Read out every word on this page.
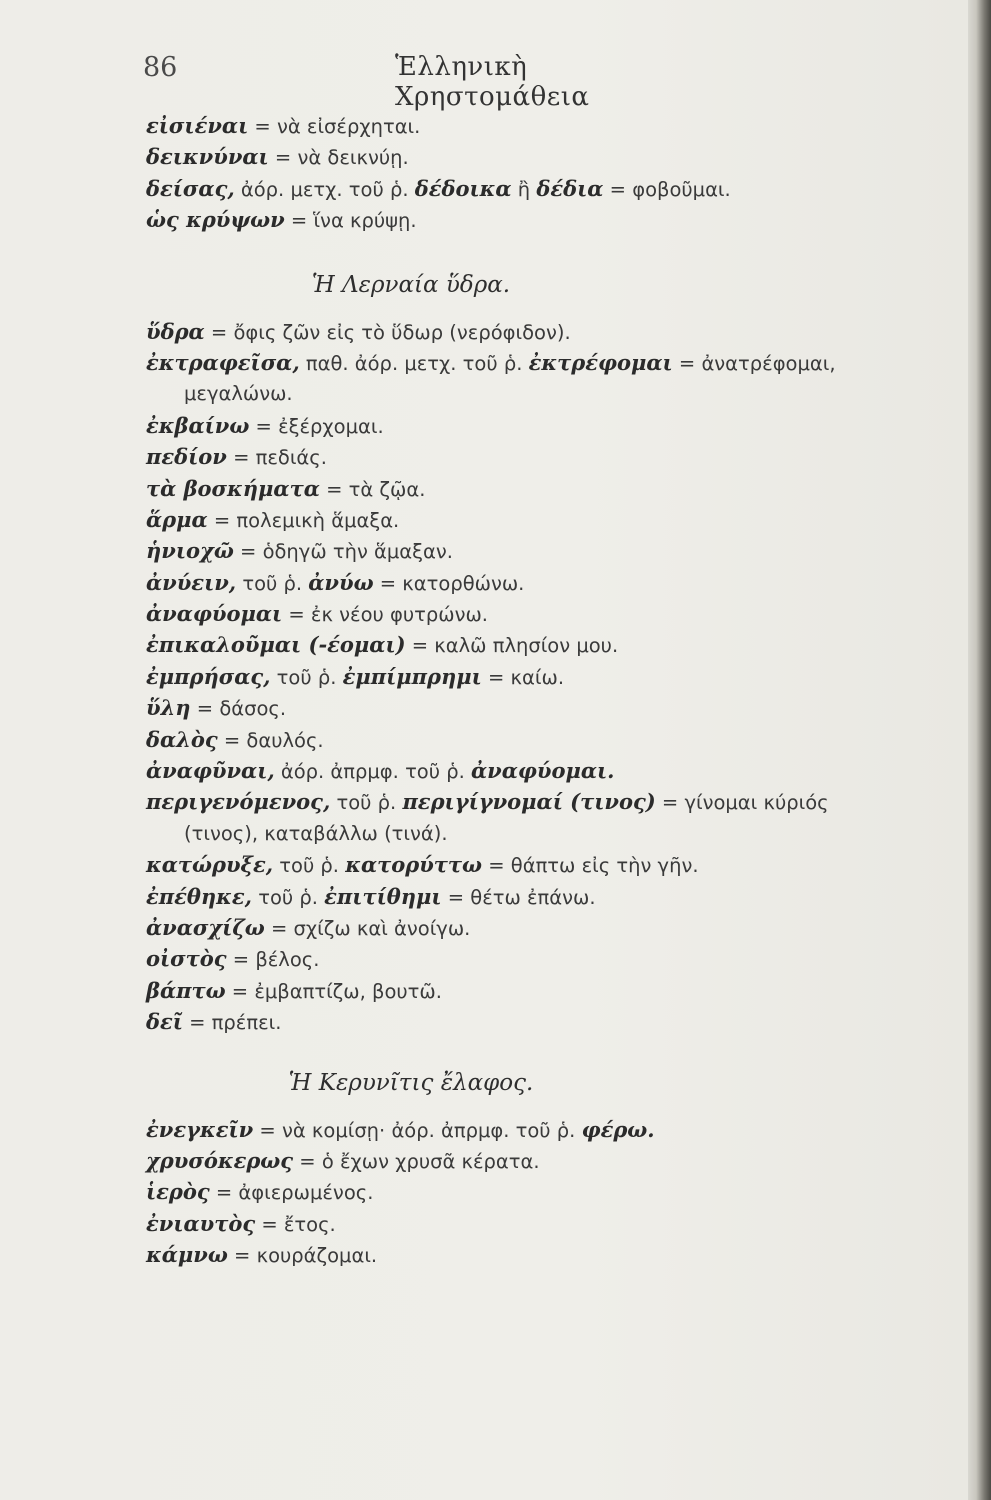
86	Ἑλληνικὴ Χρηστομάθεια
εἰσιέναι = νὰ εἰσέρχηται.
δεικνύναι = νὰ δεικνύῃ.
δείσας, ἀόρ. μετχ. τοῦ ῥ. δέδοικα ἢ δέδια = φοβοῦμαι.
ὡς κρύψων = ἵνα κρύψῃ.
Ἡ Λερναία ὕδρα.
ὕδρα = ὄφις ζῶν εἰς τὸ ὕδωρ (νερόφιδον).
ἐκτραφεῖσα, παθ. ἀόρ. μετχ. τοῦ ῥ. ἐκτρέφομαι = ἀνατρέφομαι,
μεγαλώνω.
ἐκβαίνω = ἐξέρχομαι.
πεδίον = πεδιάς.
τὰ βοσκήματα = τὰ ζῷα.
ἅρμα = πολεμικὴ ἅμαξα.
ἡνιοχῶ = ὁδηγῶ τὴν ἅμαξαν.
ἀνύειν, τοῦ ῥ. ἀνύω = κατορθώνω.
ἀναφύομαι = ἐκ νέου φυτρώνω.
ἐπικαλοῦμαι (-έομαι) = καλῶ πλησίον μου.
ἐμπρήσας, τοῦ ῥ. ἐμπίμπρημι = καίω.
ὕλη = δάσος.
δαλὸς = δαυλός.
ἀναφῦναι, ἀόρ. ἀπρμφ. τοῦ ῥ. ἀναφύομαι.
περιγενόμενος, τοῦ ῥ. περιγίγνομαί (τινος) = γίνομαι κύριός
(τινος), καταβάλλω (τινά).
κατώρυξε, τοῦ ῥ. κατορύττω = θάπτω εἰς τὴν γῆν.
ἐπέθηκε, τοῦ ῥ. ἐπιτίθημι = θέτω ἐπάνω.
ἀνασχίζω = σχίζω καὶ ἀνοίγω.
οἰστὸς = βέλος.
βάπτω = ἐμβαπτίζω, βουτῶ.
δεῖ = πρέπει.
Ἡ Κερυνῖτις ἔλαφος.
ἐνεγκεῖν = νὰ κομίσῃ· ἀόρ. ἀπρμφ. τοῦ ῥ. φέρω.
χρυσόκερως = ὁ ἔχων χρυσᾶ κέρατα.
ἱερὸς = ἀφιερωμένος.
ἐνιαυτὸς = ἔτος.
κάμνω = κουράζομαι.
